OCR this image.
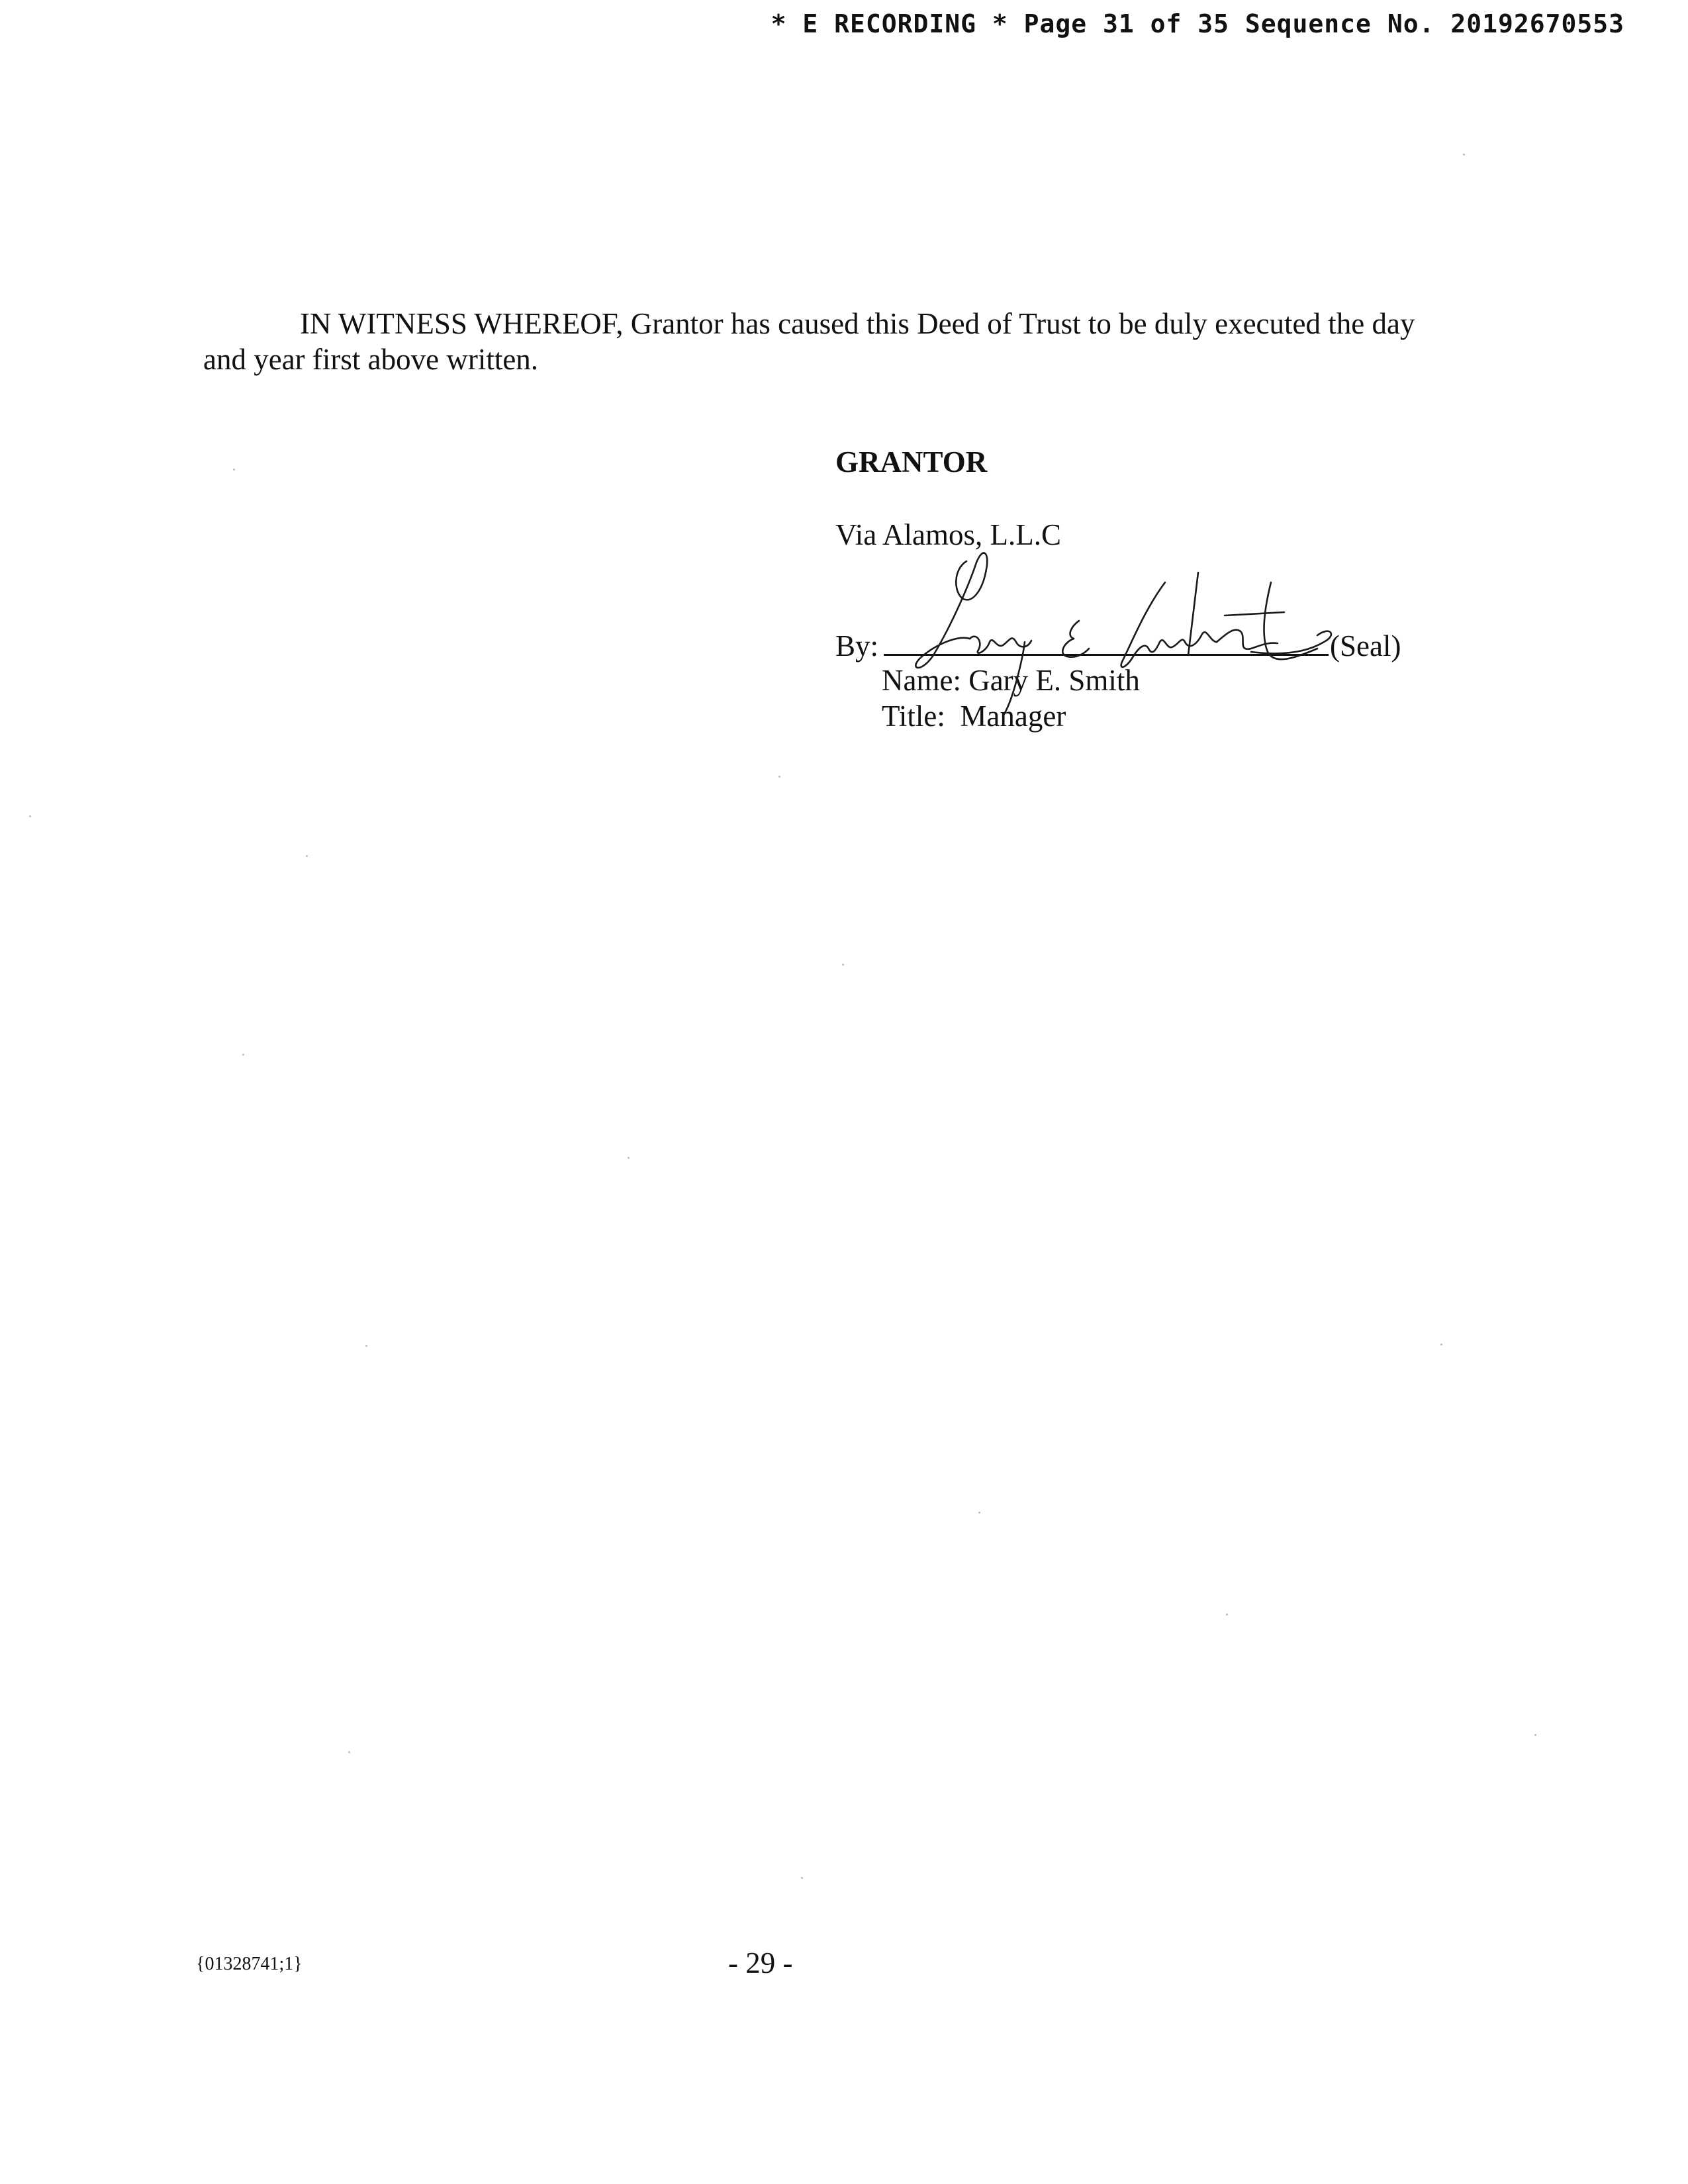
* E RECORDING * Page 31 of 35 Sequence No. 20192670553

IN WITNESS WHEREOF, Grantor has caused this Deed of Trust to be duly executed the day and year first above written.

GRANTOR
Via Alamos, L.L.C
By:	(Seal)
Name: Gary E. Smith
Title: Manager
{01328741;1}	- 29 -
